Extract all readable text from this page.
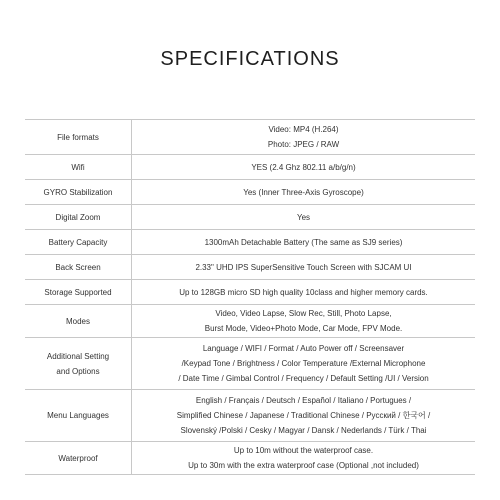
SPECIFICATIONS
File formats	Video: MP4 (H.264)
Photo: JPEG / RAW

Wifi	YES (2.4 Ghz 802.11 a/b/g/n)

GYRO Stabilization	Yes (Inner Three-Axis Gyroscope)

Digital Zoom	Yes

Battery Capacity	1300mAh Detachable Battery (The same as SJ9 series)

Back Screen	2.33" UHD IPS SuperSensitive Touch Screen with SJCAM UI

Storage Supported	Up to 128GB micro SD high quality 10class and higher memory cards.

Modes	Video, Video Lapse, Slow Rec, Still, Photo Lapse,
Burst Mode, Video+Photo Mode, Car Mode, FPV Mode.

Additional Setting
and Options	Language / WIFI / Format / Auto Power off / Screensaver
/Keypad Tone / Brightness / Color Temperature /External Microphone
/ Date Time / Gimbal Control / Frequency / Default Setting /UI / Version

Menu Languages	English / Français / Deutsch / Español / Italiano / Portugues /
Simplified Chinese / Japanese / Traditional Chinese / Русский / 한국어 /
Slovenský /Polski / Cesky / Magyar / Dansk / Nederlands / Türk / Thai

Waterproof	Up to 10m without the waterproof case.
Up to 30m with the extra waterproof case (Optional ,not included)
